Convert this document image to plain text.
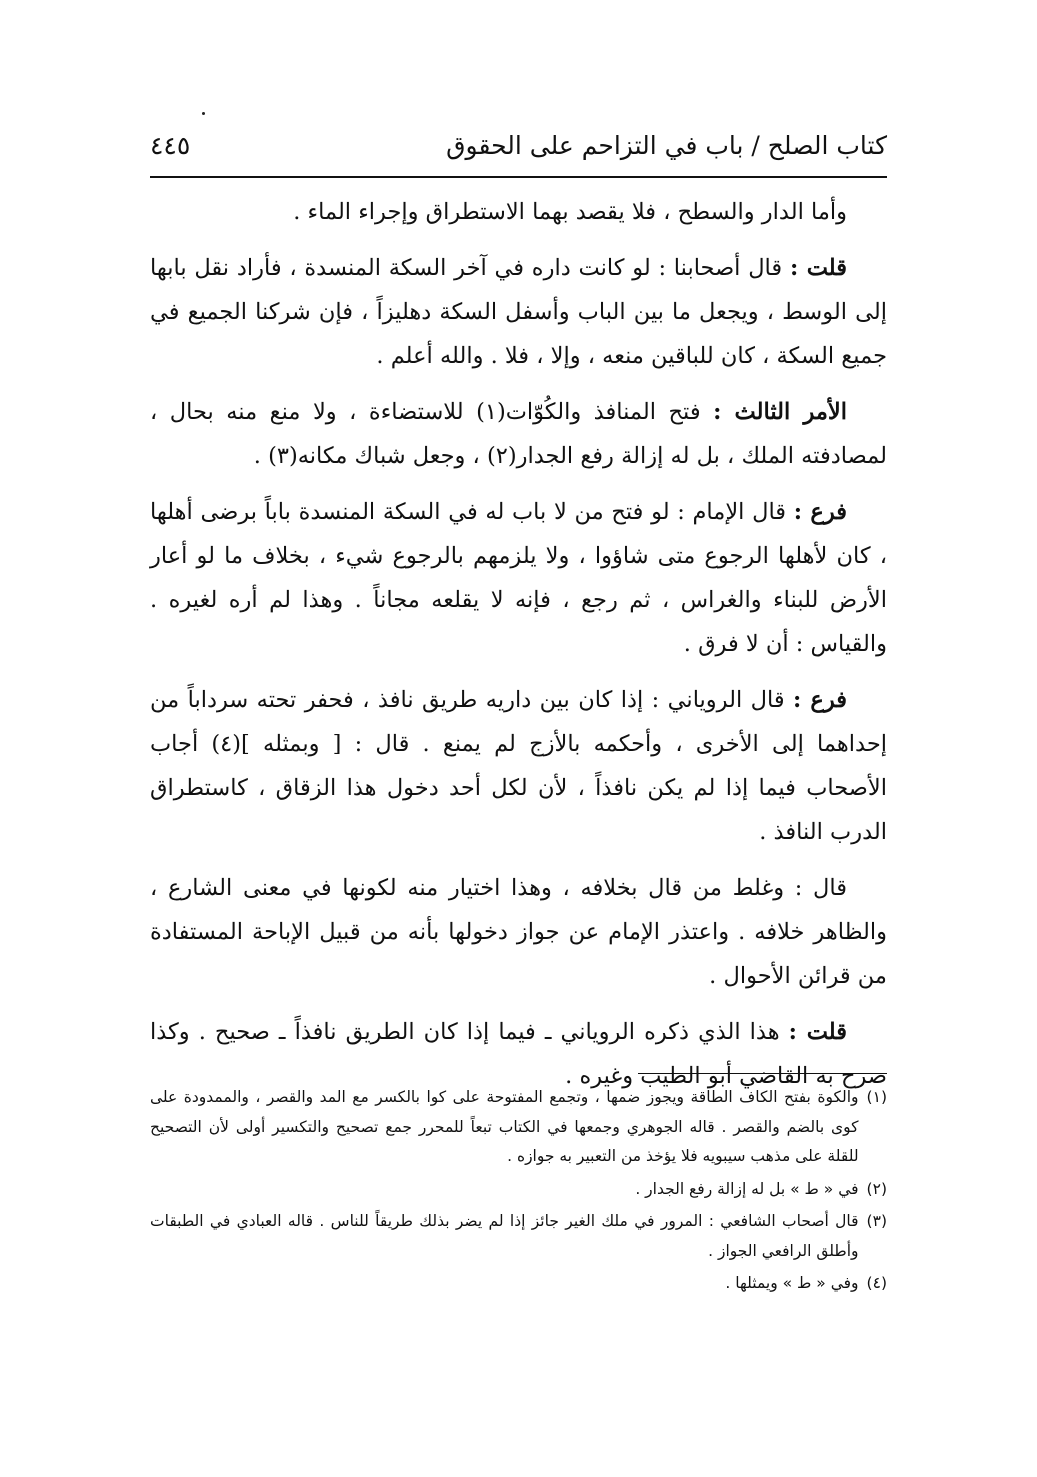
كتاب الصلح / باب في التزاحم على الحقوق
٤٤٥

وأما الدار والسطح ، فلا يقصد بهما الاستطراق وإجراء الماء .

قلت : قال أصحابنا : لو كانت داره في آخر السكة المنسدة ، فأراد نقل بابها إلى الوسط ، ويجعل ما بين الباب وأسفل السكة دهليزاً ، فإن شركنا الجميع في جميع السكة ، كان للباقين منعه ، وإلا ، فلا . والله أعلم .

الأمر الثالث : فتح المنافذ والكُوّات(١) للاستضاءة ، ولا منع منه بحال ، لمصادفته الملك ، بل له إزالة رفع الجدار(٢) ، وجعل شباك مكانه(٣) .

فرع : قال الإمام : لو فتح من لا باب له في السكة المنسدة باباً برضى أهلها ، كان لأهلها الرجوع متى شاؤوا ، ولا يلزمهم بالرجوع شيء ، بخلاف ما لو أعار الأرض للبناء والغراس ، ثم رجع ، فإنه لا يقلعه مجاناً . وهذا لم أره لغيره . والقياس : أن لا فرق .

فرع : قال الروياني : إذا كان بين داريه طريق نافذ ، فحفر تحته سرداباً من إحداهما إلى الأخرى ، وأحكمه بالأزج لم يمنع . قال : [ وبمثله ](٤) أجاب الأصحاب فيما إذا لم يكن نافذاً ، لأن لكل أحد دخول هذا الزقاق ، كاستطراق الدرب النافذ .

قال : وغلط من قال بخلافه ، وهذا اختيار منه لكونها في معنى الشارع ، والظاهر خلافه . واعتذر الإمام عن جواز دخولها بأنه من قبيل الإباحة المستفادة من قرائن الأحوال .

قلت : هذا الذي ذكره الروياني ـ فيما إذا كان الطريق نافذاً ـ صحيح . وكذا صرح به القاضي أبو الطيب وغيره .

(١)
والكوة بفتح الكاف الطاقة ويجوز ضمها ، وتجمع المفتوحة على كوا بالكسر مع المد والقصر ، والممدودة على كوى بالضم والقصر . قاله الجوهري وجمعها في الكتاب تبعاً للمحرر جمع تصحيح والتكسير أولى لأن التصحيح للقلة على مذهب سيبويه فلا يؤخذ من التعبير به جوازه .
(٢)
في « ط » بل له إزالة رفع الجدار .
(٣)
قال أصحاب الشافعي : المرور في ملك الغير جائز إذا لم يضر بذلك طريقاً للناس . قاله العبادي في الطبقات وأطلق الرافعي الجواز .
(٤)
وفي « ط » ويمثلها .
